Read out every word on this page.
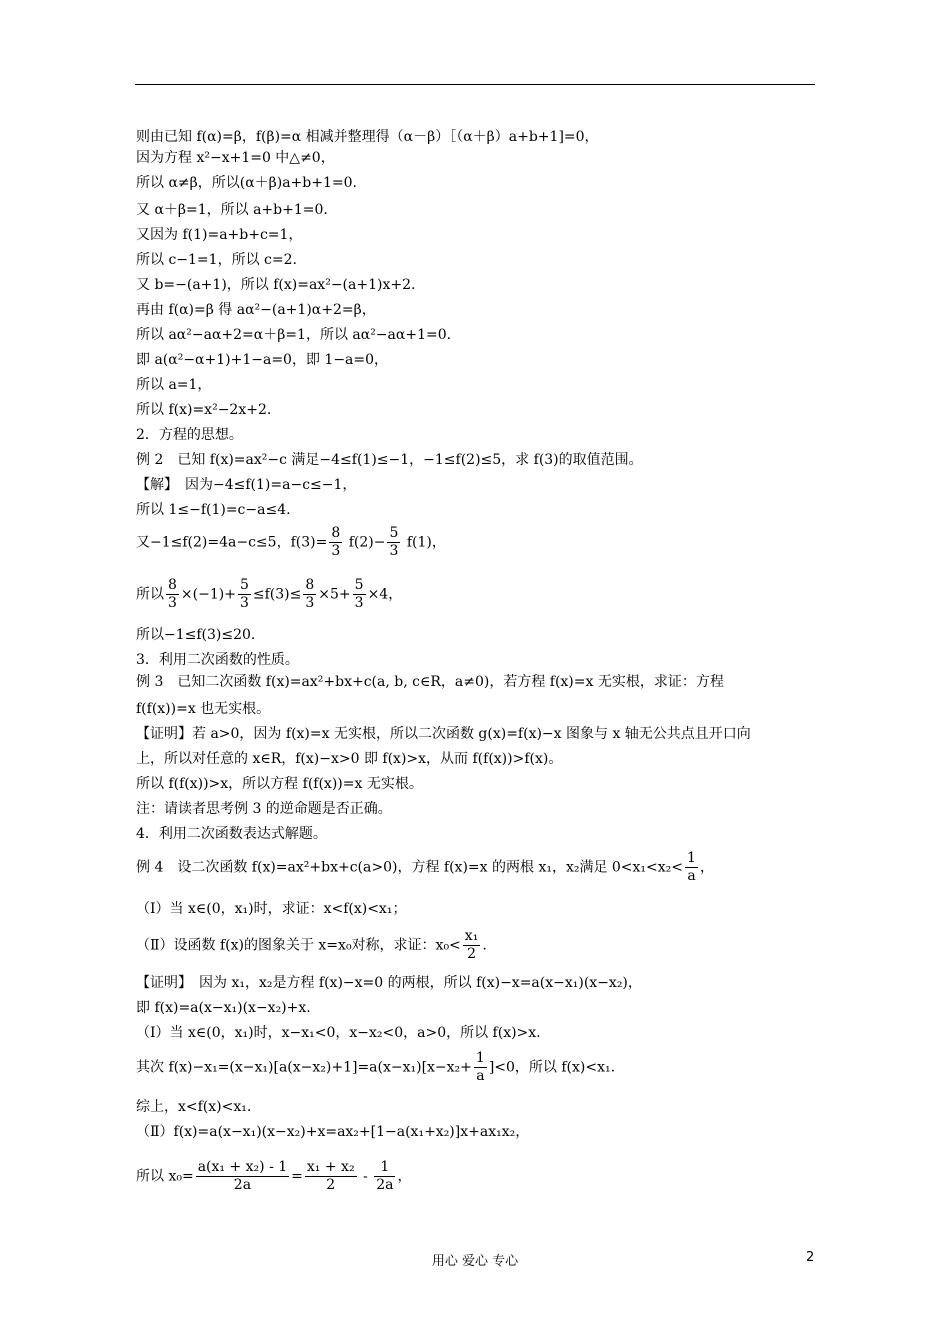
则由已知 f(α)=β，f(β)=α 相减并整理得（α－β）［（α＋β）a+b+1]=0，
因为方程 x²−x+1=0 中△≠0，
所以 α≠β，所以(α＋β)a+b+1=0.
又 α＋β=1，所以 a+b+1=0.
又因为 f(1)=a+b+c=1，
所以 c−1=1，所以 c=2.
又 b=−(a+1)，所以 f(x)=ax²−(a+1)x+2.
再由 f(α)=β 得 aα²−(a+1)α+2=β，
所以 aα²−aα+2=α＋β=1，所以 aα²−aα+1=0.
即 a(α²−α+1)+1−a=0，即 1−a=0，
所以 a=1，
所以 f(x)=x²−2x+2.
2．方程的思想。
例 2　已知 f(x)=ax²−c 满足−4≤f(1)≤−1，−1≤f(2)≤5，求 f(3)的取值范围。
【解】　因为−4≤f(1)=a−c≤−1，
所以 1≤−f(1)=c−a≤4.
又−1≤f(2)=4a−c≤5，$f(3)= \frac{8}{3} f(2)- \frac{5}{3} f(1)$，
所以 $\frac{8}{3} \times(-1)+ \frac{5}{3} \le f(3)\le \frac{8}{3} \times 5+ \frac{5}{3} \times 4$，
所以−1≤f(3)≤20.
3．利用二次函数的性质。
例 3　已知二次函数 f(x)=ax²+bx+c(a, b, c∈R，a≠0)，若方程 f(x)=x 无实根，求证：方程
f(f(x))=x 也无实根。
【证明】若 a>0，因为 f(x)=x 无实根，所以二次函数 g(x)=f(x)−x 图象与 x 轴无公共点且开口向
上，所以对任意的 x∈R，f(x)−x>0 即 f(x)>x，从而 f(f(x))>f(x)。
所以 f(f(x))>x，所以方程 f(f(x))=x 无实根。
注：请读者思考例 3 的逆命题是否正确。
4．利用二次函数表达式解题。
例 4　设二次函数 f(x)=ax²+bx+c(a>0)，方程 f(x)=x 的两根 x₁，x₂满足 $0<x_1<x_2< \frac{1}{a}$ ，
（Ⅰ）当 x∈(0，x₁)时，求证：x<f(x)<x₁；
（Ⅱ）设函数 f(x)的图象关于 x=x₀对称，求证：$x_0< \frac{\text{x₁}}{2}$ .
【证明】　因为 x₁，x₂是方程 f(x)−x=0 的两根，所以 f(x)−x=a(x−x₁)(x−x₂)，
即 f(x)=a(x−x₁)(x−x₂)+x.
（Ⅰ）当 x∈(0，x₁)时，x−x₁<0，x−x₂<0，a>0，所以 f(x)>x.
其次 $f(x)-x_1=(x-x_1)[a(x-x_2)+1]=a(x-x_1)[x-x_2+ \frac{1}{a} ]<0$，所以 f(x)<x₁.
综上，x<f(x)<x₁.
（Ⅱ）f(x)=a(x−x₁)(x−x₂)+x=ax₂+[1−a(x₁+x₂)]x+ax₁x₂，
所以 $x_0= \frac{\text{a(x₁ + x₂) - 1}}{2a} = \frac{\text{x₁ + x₂}}{2} - \frac{1}{2a}$ ，
用心 爱心 专心	2
